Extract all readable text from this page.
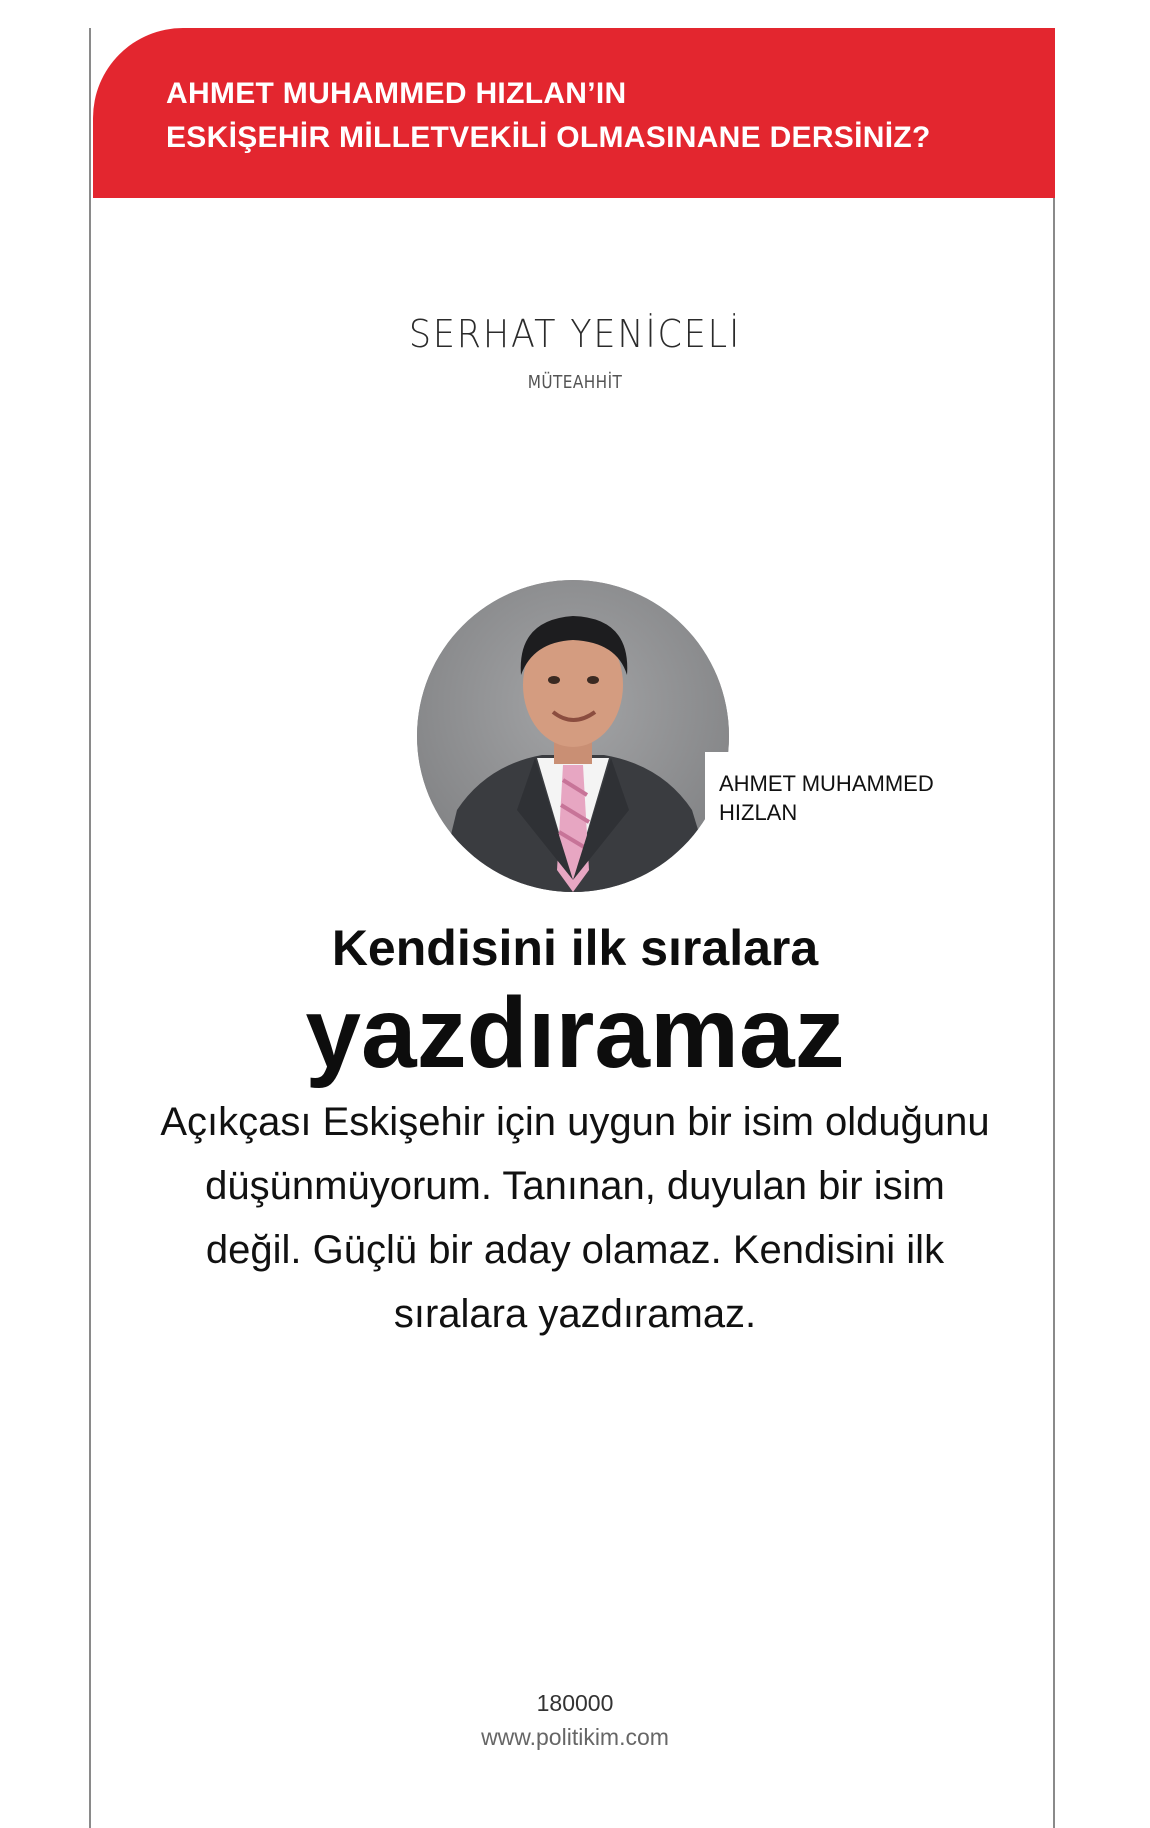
AHMET MUHAMMED HIZLAN’IN
ESKİŞEHİR MİLLETVEKİLİ OLMASINANE DERSİNİZ?
SERHAT YENİCELİ
MÜTEAHHİT
AHMET MUHAMMED
HIZLAN
Kendisini ilk sıralara
yazdıramaz
Açıkçası Eskişehir için uygun bir isim olduğunu
düşünmüyorum. Tanınan, duyulan bir isim
değil. Güçlü bir aday olamaz. Kendisini ilk
sıralara yazdıramaz.
180000
www.politikim.com
